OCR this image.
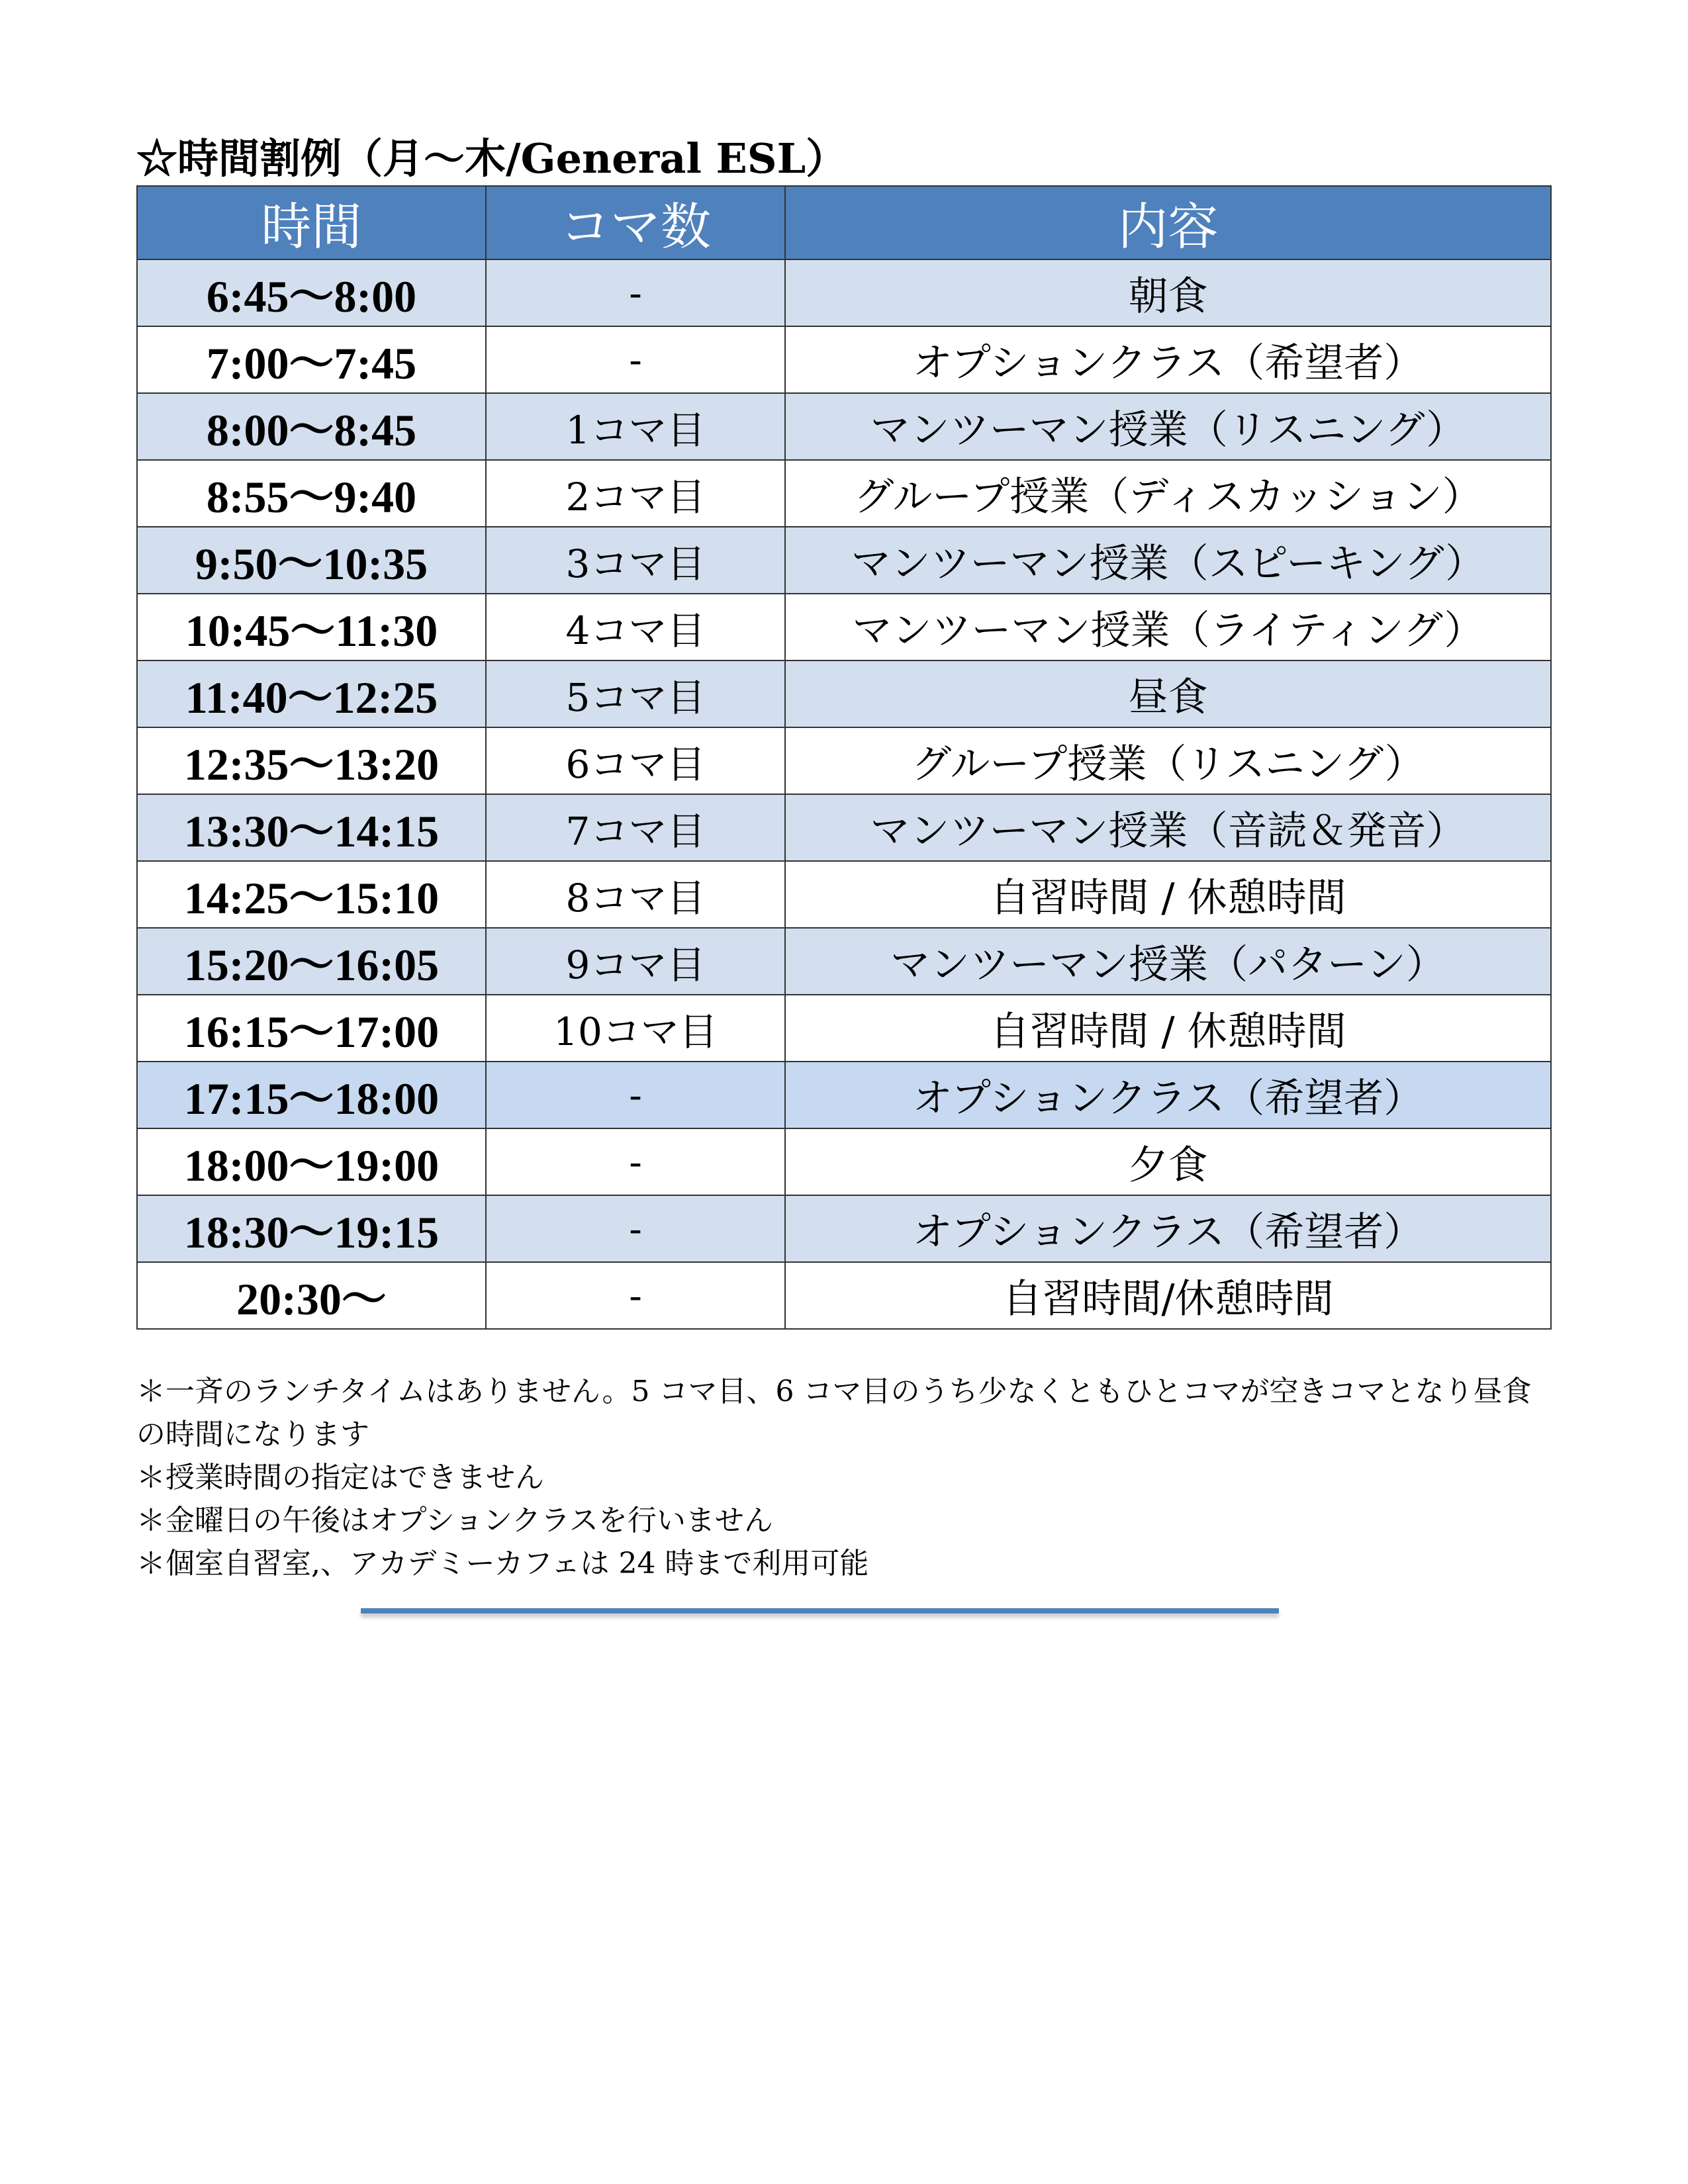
☆時間割例（月～木/General ESL）
時間	コマ数	内容
6:45～8:00	-	朝食
7:00～7:45	-	オプションクラス（希望者）
8:00～8:45	1コマ目	マンツーマン授業（リスニング）
8:55～9:40	2コマ目	グループ授業（ディスカッション）
9:50～10:35	3コマ目	マンツーマン授業（スピーキング）
10:45～11:30	4コマ目	マンツーマン授業（ライティング）
11:40～12:25	5コマ目	昼食
12:35～13:20	6コマ目	グループ授業（リスニング）
13:30～14:15	7コマ目	マンツーマン授業（音読＆発音）
14:25～15:10	8コマ目	自習時間 / 休憩時間
15:20～16:05	9コマ目	マンツーマン授業（パターン）
16:15～17:00	10コマ目	自習時間 / 休憩時間
17:15～18:00	-	オプションクラス（希望者）
18:00～19:00	-	夕食
18:30～19:15	-	オプションクラス（希望者）
20:30～	-	自習時間/休憩時間
＊一斉のランチタイムはありません。5 コマ目、6 コマ目のうち少なくともひとコマが空きコマとなり昼食の時間になります
＊授業時間の指定はできません
＊金曜日の午後はオプションクラスを行いません
＊個室自習室,、アカデミーカフェは 24 時まで利用可能
